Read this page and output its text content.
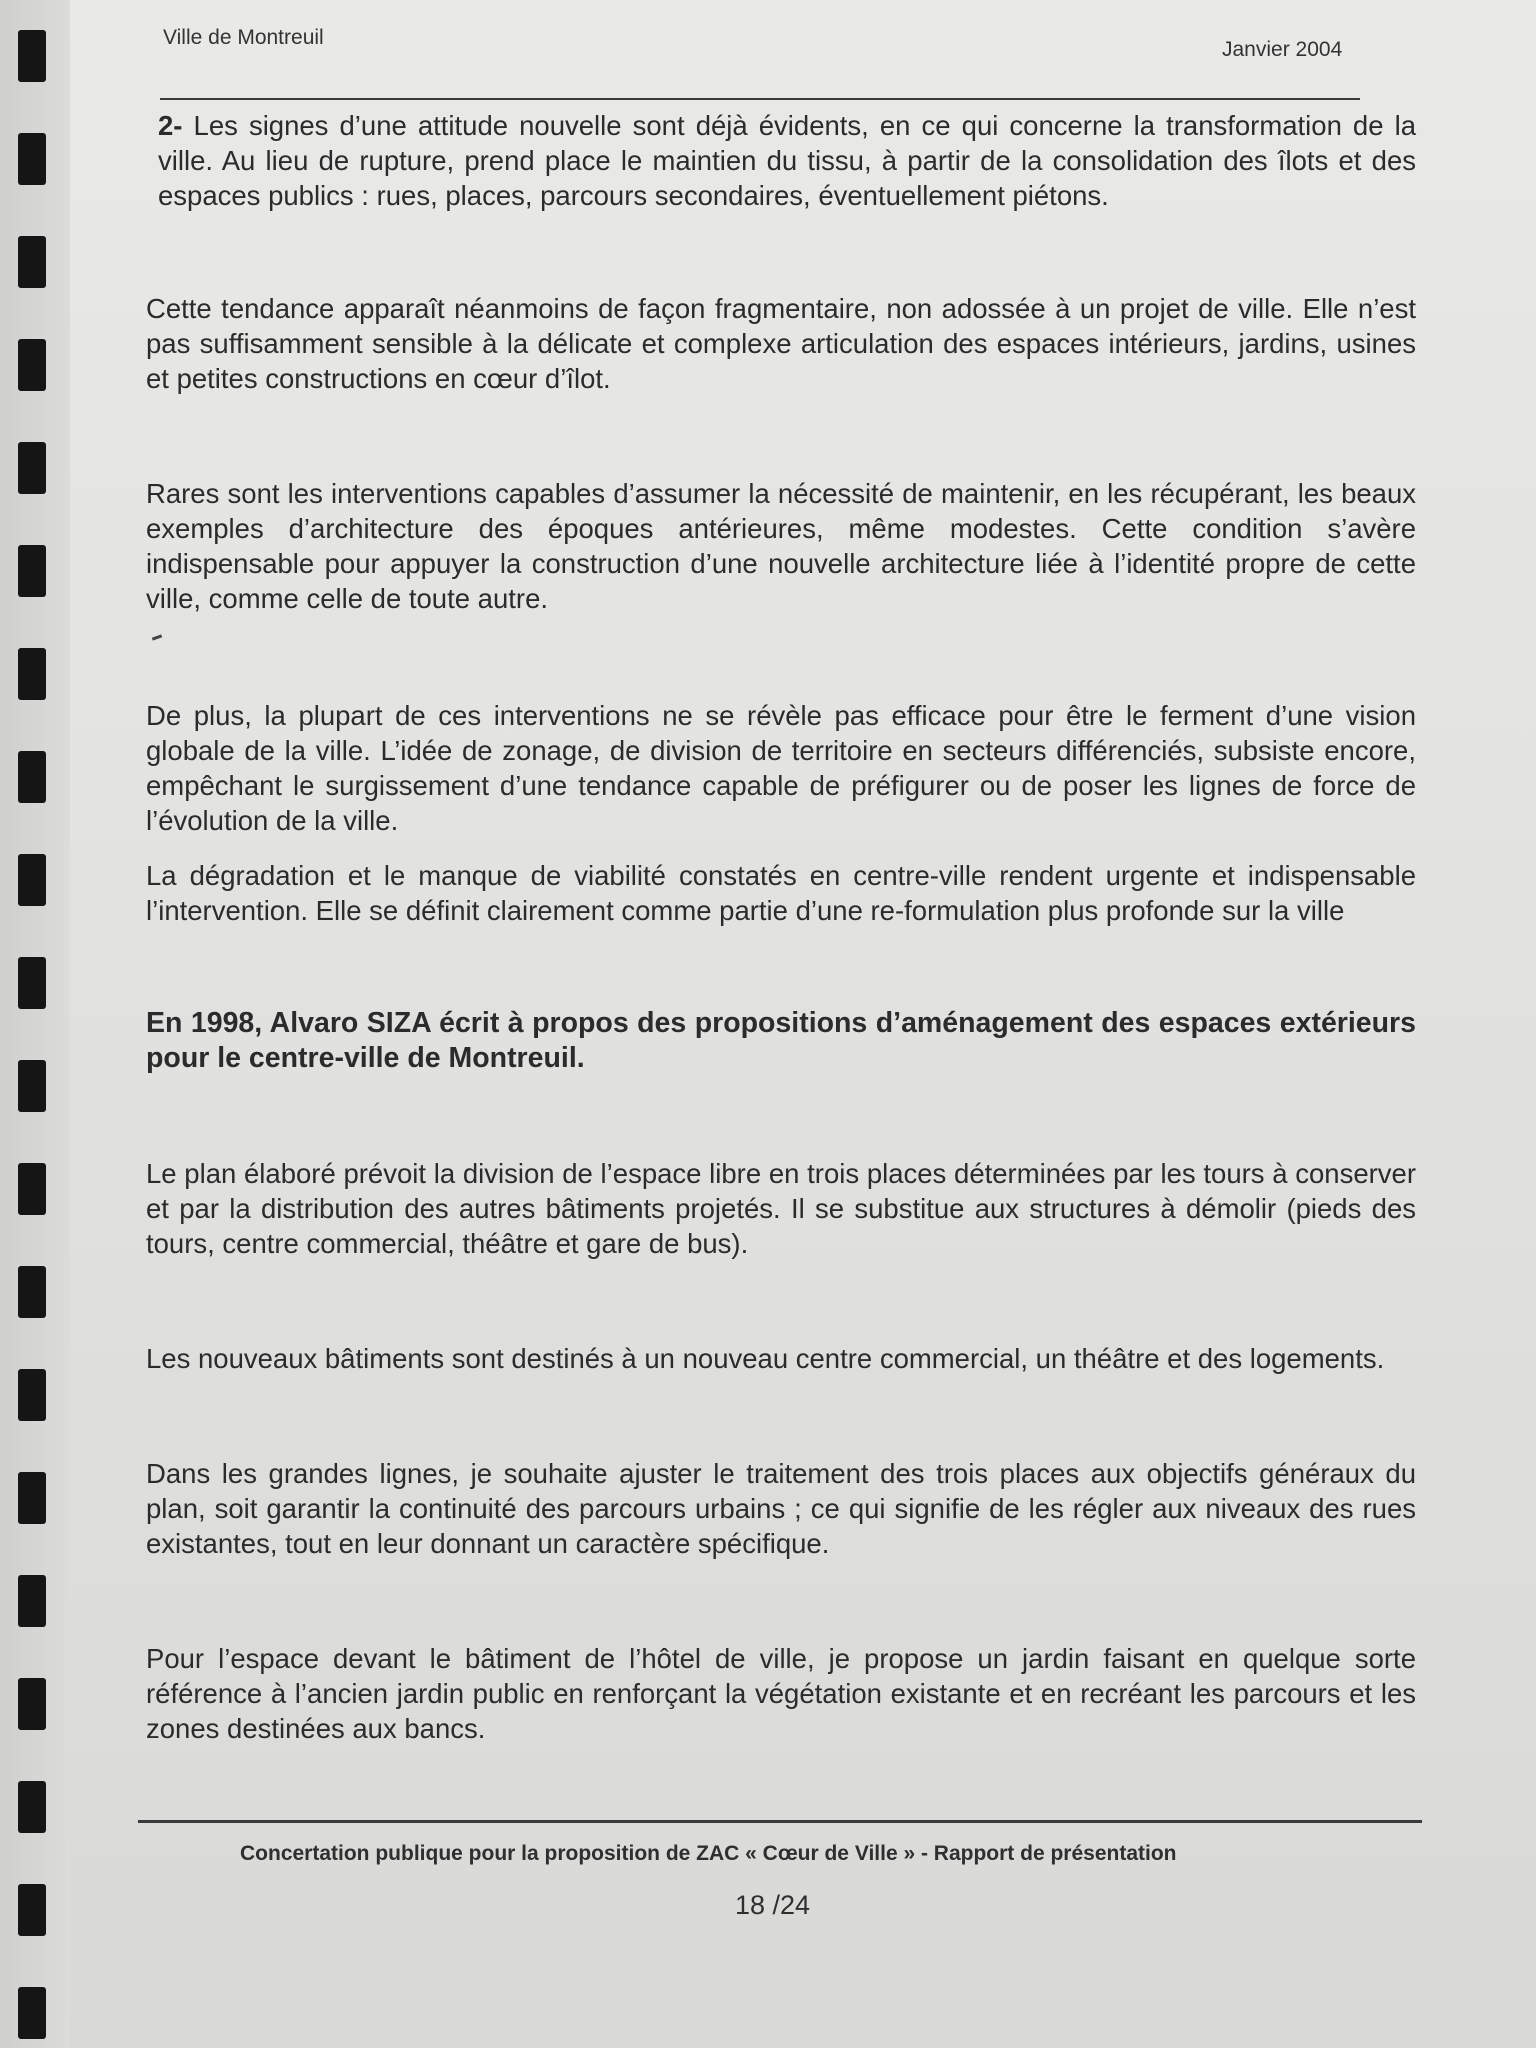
Ville de Montreuil
Janvier 2004

2- Les signes d’une attitude nouvelle sont déjà évidents, en ce qui concerne la transformation de la ville. Au lieu de rupture, prend place le maintien du tissu, à partir de la consolidation des îlots et des espaces publics : rues, places, parcours secondaires, éventuellement piétons.

Cette tendance apparaît néanmoins de façon fragmentaire, non adossée à un projet de ville. Elle n’est pas suffisamment sensible à la délicate et complexe articulation des espaces intérieurs, jardins, usines et petites constructions en cœur d’îlot.

Rares sont les interventions capables d’assumer la nécessité de maintenir, en les récupérant, les beaux exemples d’architecture des époques antérieures, même modestes. Cette condition s’avère indispensable pour appuyer la construction d’une nouvelle architecture liée à l’identité propre de cette ville, comme celle de toute autre.

De plus, la plupart de ces interventions ne se révèle pas efficace pour être le ferment d’une vision globale de la ville. L’idée de zonage, de division de territoire en secteurs différenciés, subsiste encore, empêchant le surgissement d’une tendance capable de préfigurer ou de poser les lignes de force de l’évolution de la ville.

La dégradation et le manque de viabilité constatés en centre-ville rendent urgente et indispensable l’intervention. Elle se définit clairement comme partie d’une re-formulation plus profonde sur la ville

En 1998, Alvaro SIZA écrit à propos des propositions d’aménagement des espaces extérieurs pour le centre-ville de Montreuil.

Le plan élaboré prévoit la division de l’espace libre en trois places déterminées par les tours à conserver et par la distribution des autres bâtiments projetés. Il se substitue aux structures à démolir (pieds des tours, centre commercial, théâtre et gare de bus).

Les nouveaux bâtiments sont destinés à un nouveau centre commercial, un théâtre et des logements.

Dans les grandes lignes, je souhaite ajuster le traitement des trois places aux objectifs généraux du plan, soit garantir la continuité des parcours urbains ; ce qui signifie de les régler aux niveaux des rues existantes, tout en leur donnant un caractère spécifique.

Pour l’espace devant le bâtiment de l’hôtel de ville, je propose un jardin faisant en quelque sorte référence à l’ancien jardin public en renforçant la végétation existante et en recréant les parcours et les zones destinées aux bancs.

Concertation publique pour la proposition de ZAC « Cœur de Ville » - Rapport de présentation
18 /24
